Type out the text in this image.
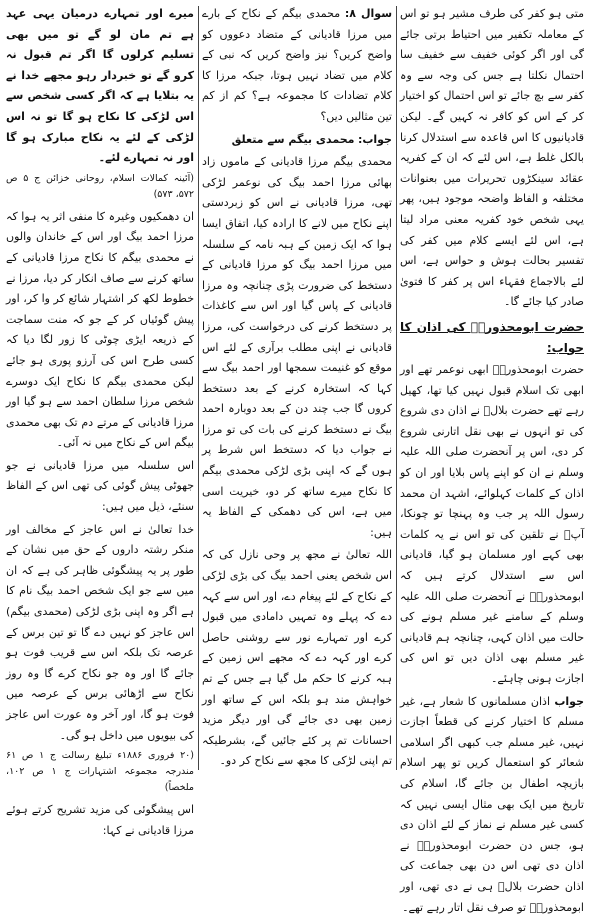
متی ہو کفر کی طرف مشیر ہو تو اس کے معاملہ تکفیر میں احتیاط برتی جائے گی اور اگر کوئی خفیف سے خفیف سا احتمال نکلتا ہے جس کی وجہ سے وہ کفر سے بچ جائے تو اس احتمال کو اختیار کر کے اس کو کافر نہ کہیں گے۔ لیکن قادیانیوں کا اس قاعدہ سے استدلال کرنا بالکل غلط ہے، اس لئے کہ ان کے کفریہ عقائد سینکڑوں تحریرات میں بعنوانات مختلفہ و الفاظ واضحہ موجود ہیں، پھر یہی شخص خود کفریہ معنی مراد لیتا ہے، اس لئے ایسے کلام میں کفر کی تفسیر بحالت ہوش و حواس ہے، اس لئے بالاجماع فقہاء اس پر کفر کا فتویٰ صادر کیا جائے گا۔

حضرت ابومحذورہؓ کی اذان کا جواب:

حضرت ابومحذورہؓ ابھی نوعمر تھے اور ابھی تک اسلام قبول نہیں کیا تھا، کھیل رہے تھے حضرت بلالؓ نے اذان دی شروع کی تو انہوں نے بھی نقل اتارنی شروع کر دی، اس پر آنحضرت صلی اللہ علیہ وسلم نے ان کو اپنے پاس بلایا اور ان کو اذان کے کلمات کہلوائے، اشہد ان محمد رسول اللہ پر جب وہ پہنچا تو چونکا، آپؐ نے تلقین کی تو اس نے یہ کلمات بھی کہے اور مسلمان ہو گیا، قادیانی اس سے استدلال کرتے ہیں کہ ابومحذورہؓ نے آنحضرت صلی اللہ علیہ وسلم کے سامنے غیر مسلم ہونے کی حالت میں اذان کہی، چنانچہ ہم قادیانی غیر مسلم بھی اذان دیں تو اس کی اجازت ہونی چاہئے۔

جواب اذان مسلمانوں کا شعار ہے، غیر مسلم کا اختیار کرنے کی قطعاً اجازت نہیں، غیر مسلم جب کبھی اگر اسلامی شعائر کو استعمال کریں تو پھر اسلام بازیچہ اطفال بن جائے گا، اسلام کی تاریخ میں ایک بھی مثال ایسی نہیں کہ کسی غیر مسلم نے نماز کے لئے اذان دی ہو، جس دن حضرت ابومحذورہؓ نے اذان دی تھی اس دن بھی جماعت کی اذان حضرت بلالؓ ہی نے دی تھی، اور ابومحذورہؓ تو صرف نقل اتار رہے تھے۔

سوال ۸: محمدی بیگم کے نکاح کے بارے میں مرزا قادیانی کے متضاد دعووں کو واضح کریں؟ نیز واضح کریں کہ نبی کے کلام میں تضاد نہیں ہوتا، جبکہ مرزا کا کلام تضادات کا مجموعہ ہے؟ کم از کم تین مثالیں دیں؟

جواب: محمدی بیگم سے متعلق

محمدی بیگم مرزا قادیانی کے ماموں زاد بھائی مرزا احمد بیگ کی نوعمر لڑکی تھی، مرزا قادیانی نے اس کو زبردستی اپنے نکاح میں لانے کا ارادہ کیا، اتفاق ایسا ہوا کہ ایک زمین کے ہبہ نامہ کے سلسلہ میں مرزا احمد بیگ کو مرزا قادیانی کے دستخط کی ضرورت پڑی چنانچہ وہ مرزا قادیانی کے پاس گیا اور اس سے کاغذات پر دستخط کرنے کی درخواست کی، مرزا قادیانی نے اپنی مطلب برآری کے لئے اس موقع کو غنیمت سمجھا اور احمد بیگ سے کہا کہ استخارہ کرنے کے بعد دستخط کروں گا جب چند دن کے بعد دوبارہ احمد بیگ نے دستخط کرنے کی بات کی تو مرزا نے جواب دیا کہ دستخط اس شرط پر ہوں گے کہ اپنی بڑی لڑکی محمدی بیگم کا نکاح میرے ساتھ کر دو، خیریت اسی میں ہے، اس کی دھمکی کے الفاظ یہ ہیں:

اللہ تعالیٰ نے مجھ پر وحی نازل کی کہ اس شخص یعنی احمد بیگ کی بڑی لڑکی کے نکاح کے لئے پیغام دے، اور اس سے کہہ دے کہ پہلے وہ تمہیں دامادی میں قبول کرے اور تمہارے نور سے روشنی حاصل کرے اور کہہ دے کہ مجھے اس زمین کے ہبہ کرنے کا حکم مل گیا ہے جس کے تم خواہش مند ہو بلکہ اس کے ساتھ اور زمین بھی دی جائے گی اور دیگر مزید احسانات تم پر کئے جائیں گے، بشرطیکہ تم اپنی لڑکی کا مجھ سے نکاح کر دو۔

میرے اور تمہارے درمیان یہی عہد ہے تم مان لو گے تو میں بھی تسلیم کرلوں گا اگر تم قبول نہ کرو گے تو خبردار رہو مجھے خدا نے یہ بتلایا ہے کہ اگر کسی شخص سے اس لڑکی کا نکاح ہو گا تو نہ اس لڑکی کے لئے یہ نکاح مبارک ہو گا اور نہ تمہارے لئے۔

(آئینہ کمالات اسلام، روحانی خزائن ج ۵ ص ۵۷۲، ۵۷۳)

ان دھمکیوں وغیرہ کا منفی اثر یہ ہوا کہ مرزا احمد بیگ اور اس کے خاندان والوں نے محمدی بیگم کا نکاح مرزا قادیانی کے ساتھ کرنے سے صاف انکار کر دیا، مرزا نے خطوط لکھ کر اشتہار شائع کر وا کر، اور پیش گوئیاں کر کے جو کہ منت سماجت کے ذریعہ ایڑی چوٹی کا زور لگا دیا کہ کسی طرح اس کی آرزو پوری ہو جائے لیکن محمدی بیگم کا نکاح ایک دوسرے شخص مرزا سلطان احمد سے ہو گیا اور مرزا قادیانی کے مرتے دم تک بھی محمدی بیگم اس کے نکاح میں نہ آئی۔

اس سلسلہ میں مرزا قادیانی نے جو جھوٹی پیش گوئی کی تھی اس کے الفاظ سنئے، ذیل میں ہیں:

خدا تعالیٰ نے اس عاجز کے مخالف اور منکر رشتہ داروں کے حق میں نشان کے طور پر یہ پیشگوئی ظاہر کی ہے کہ ان میں سے جو ایک شخص احمد بیگ نام کا ہے اگر وہ اپنی بڑی لڑکی (محمدی بیگم) اس عاجز کو نہیں دے گا تو تین برس کے عرصہ تک بلکہ اس سے قریب فوت ہو جائے گا اور وہ جو نکاح کرے گا وہ روز نکاح سے اڑھائی برس کے عرصہ میں فوت ہو گا، اور آخر وہ عورت اس عاجز کی بیویوں میں داخل ہو گی۔

(۲۰ فروری ۱۸۸۶ء تبلیغ رسالت ج ۱ ص ۶۱ مندرجہ مجموعہ اشتہارات ج ۱ ص ۱۰۲، ملخصاً)

اس پیشگوئی کی مزید تشریح کرتے ہوئے مرزا قادیانی نے کہا:
